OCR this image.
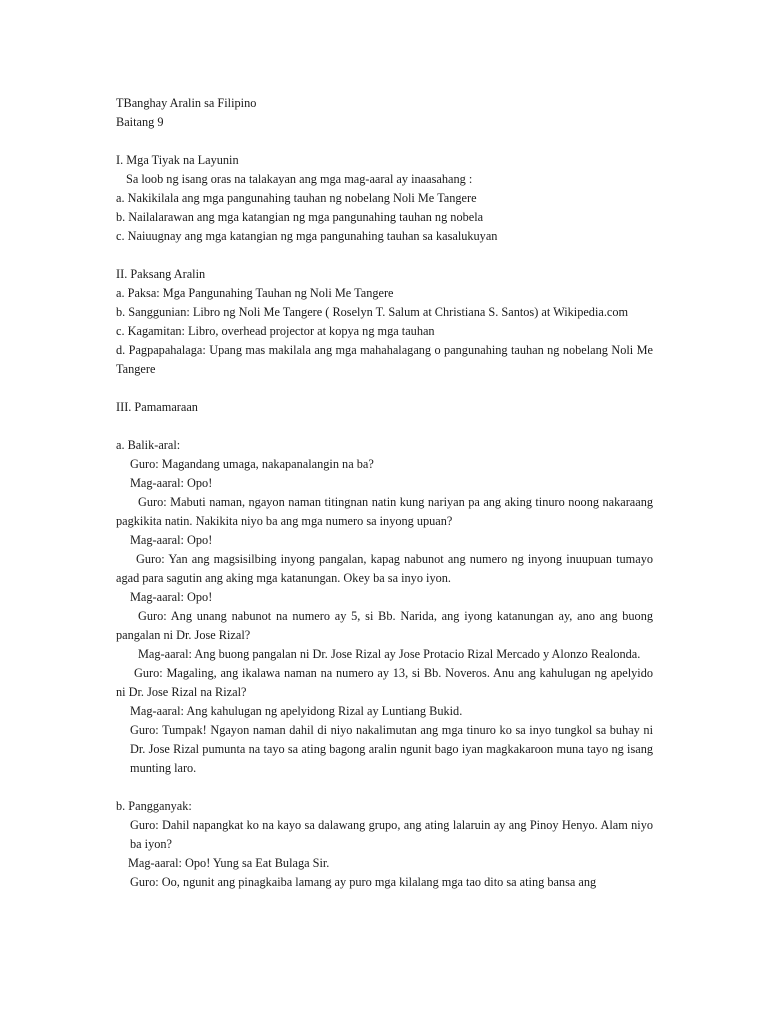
TBanghay Aralin sa Filipino
Baitang 9
I. Mga Tiyak na Layunin
Sa loob ng isang oras na talakayan ang mga mag-aaral ay inaasahang :
a. Nakikilala ang mga pangunahing tauhan ng nobelang Noli Me Tangere
b. Nailalarawan ang mga katangian ng mga pangunahing tauhan ng nobela
c. Naiuugnay ang mga katangian ng mga pangunahing tauhan sa kasalukuyan
II. Paksang Aralin
a. Paksa: Mga Pangunahing Tauhan ng Noli Me Tangere
b. Sanggunian: Libro ng Noli Me Tangere ( Roselyn T. Salum at Christiana S. Santos) at Wikipedia.com
c. Kagamitan: Libro, overhead projector at kopya ng mga tauhan
d. Pagpapahalaga: Upang mas makilala ang mga mahahalagang o pangunahing tauhan ng nobelang Noli Me Tangere
III. Pamamaraan
a. Balik-aral:
Guro: Magandang umaga, nakapanalangin na ba?
Mag-aaral: Opo!
Guro: Mabuti naman, ngayon naman titingnan natin kung nariyan pa ang aking tinuro noong nakaraang pagkikita natin. Nakikita niyo ba ang mga numero sa inyong upuan?
Mag-aaral: Opo!
Guro: Yan ang magsisilbing inyong pangalan, kapag nabunot ang numero ng inyong inuupuan tumayo agad para sagutin ang aking mga katanungan. Okey ba sa inyo iyon.
Mag-aaral: Opo!
Guro: Ang unang nabunot na numero ay 5, si Bb. Narida, ang iyong katanungan ay, ano ang buong pangalan ni Dr. Jose Rizal?
Mag-aaral: Ang buong pangalan ni Dr. Jose Rizal ay Jose Protacio Rizal Mercado y Alonzo Realonda.
Guro: Magaling, ang ikalawa naman na numero ay 13, si Bb. Noveros. Anu ang kahulugan ng apelyido ni Dr. Jose Rizal na Rizal?
Mag-aaral: Ang kahulugan ng apelyidong Rizal ay Luntiang Bukid.
Guro: Tumpak! Ngayon naman dahil di niyo nakalimutan ang mga tinuro ko sa inyo tungkol sa buhay ni Dr. Jose Rizal pumunta na tayo sa ating bagong aralin ngunit bago iyan magkakaroon muna tayo ng isang munting laro.
b. Pangganyak:
Guro: Dahil napangkat ko na kayo sa dalawang grupo, ang ating lalaruin ay ang Pinoy Henyo. Alam niyo ba iyon?
Mag-aaral: Opo! Yung sa Eat Bulaga Sir.
Guro: Oo, ngunit ang pinagkaiba lamang ay puro mga kilalang mga tao dito sa ating bansa ang
